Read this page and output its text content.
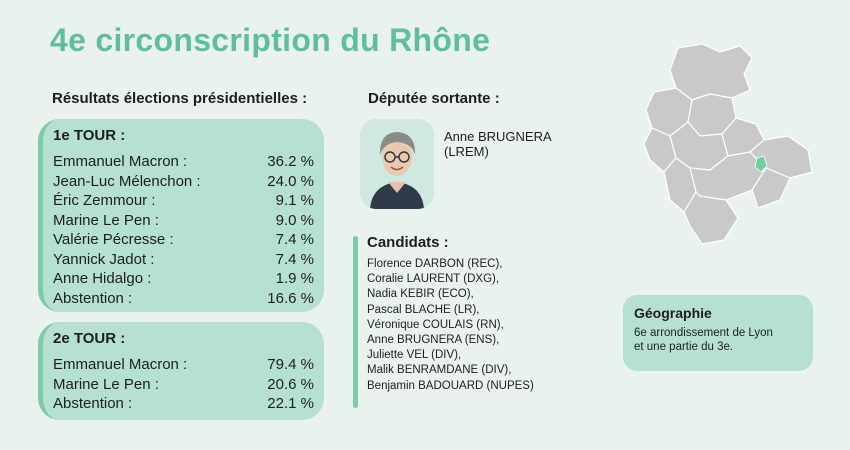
4e circonscription du Rhône
Résultats élections présidentielles :	Députée sortante :
1e TOUR :
Emmanuel Macron :	36.2 %
Jean-Luc Mélenchon :	24.0 %
Éric Zemmour :	9.1 %
Marine Le Pen :	9.0 %
Valérie Pécresse :	7.4 %
Yannick Jadot :	7.4 %
Anne Hidalgo :	1.9 %
Abstention :	16.6 %
2e TOUR :
Emmanuel Macron :	79.4 %
Marine Le Pen :	20.6 %
Abstention :	22.1 %
Anne BRUGNERA
(LREM)
Candidats :
Florence DARBON (REC),
Coralie LAURENT (DXG),
Nadia KEBIR (ECO),
Pascal BLACHE (LR),
Véronique COULAIS (RN),
Anne BRUGNERA (ENS),
Juliette VEL (DIV),
Malik BENRAMDANE (DIV),
Benjamin BADOUARD (NUPES)
Géographie
6e arrondissement de Lyon
et une partie du 3e.
